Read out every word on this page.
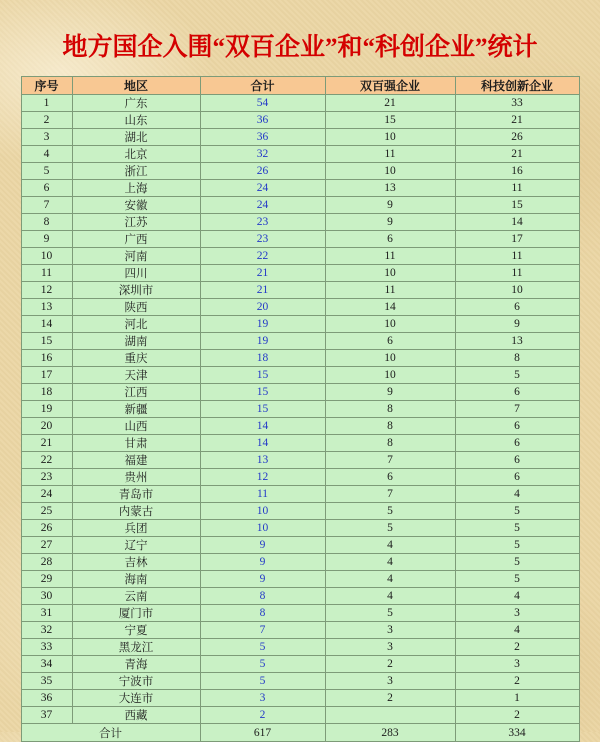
地方国企入围“双百企业”和“科创企业”统计
序号	地区	合计	双百强企业	科技创新企业
1	广东	54	21	33
2	山东	36	15	21
3	湖北	36	10	26
4	北京	32	11	21
5	浙江	26	10	16
6	上海	24	13	11
7	安徽	24	9	15
8	江苏	23	9	14
9	广西	23	6	17
10	河南	22	11	11
11	四川	21	10	11
12	深圳市	21	11	10
13	陕西	20	14	6
14	河北	19	10	9
15	湖南	19	6	13
16	重庆	18	10	8
17	天津	15	10	5
18	江西	15	9	6
19	新疆	15	8	7
20	山西	14	8	6
21	甘肃	14	8	6
22	福建	13	7	6
23	贵州	12	6	6
24	青岛市	11	7	4
25	内蒙古	10	5	5
26	兵团	10	5	5
27	辽宁	9	4	5
28	吉林	9	4	5
29	海南	9	4	5
30	云南	8	4	4
31	厦门市	8	5	3
32	宁夏	7	3	4
33	黑龙江	5	3	2
34	青海	5	2	3
35	宁波市	5	3	2
36	大连市	3	2	1
37	西藏	2		2
合计		617	283	334
